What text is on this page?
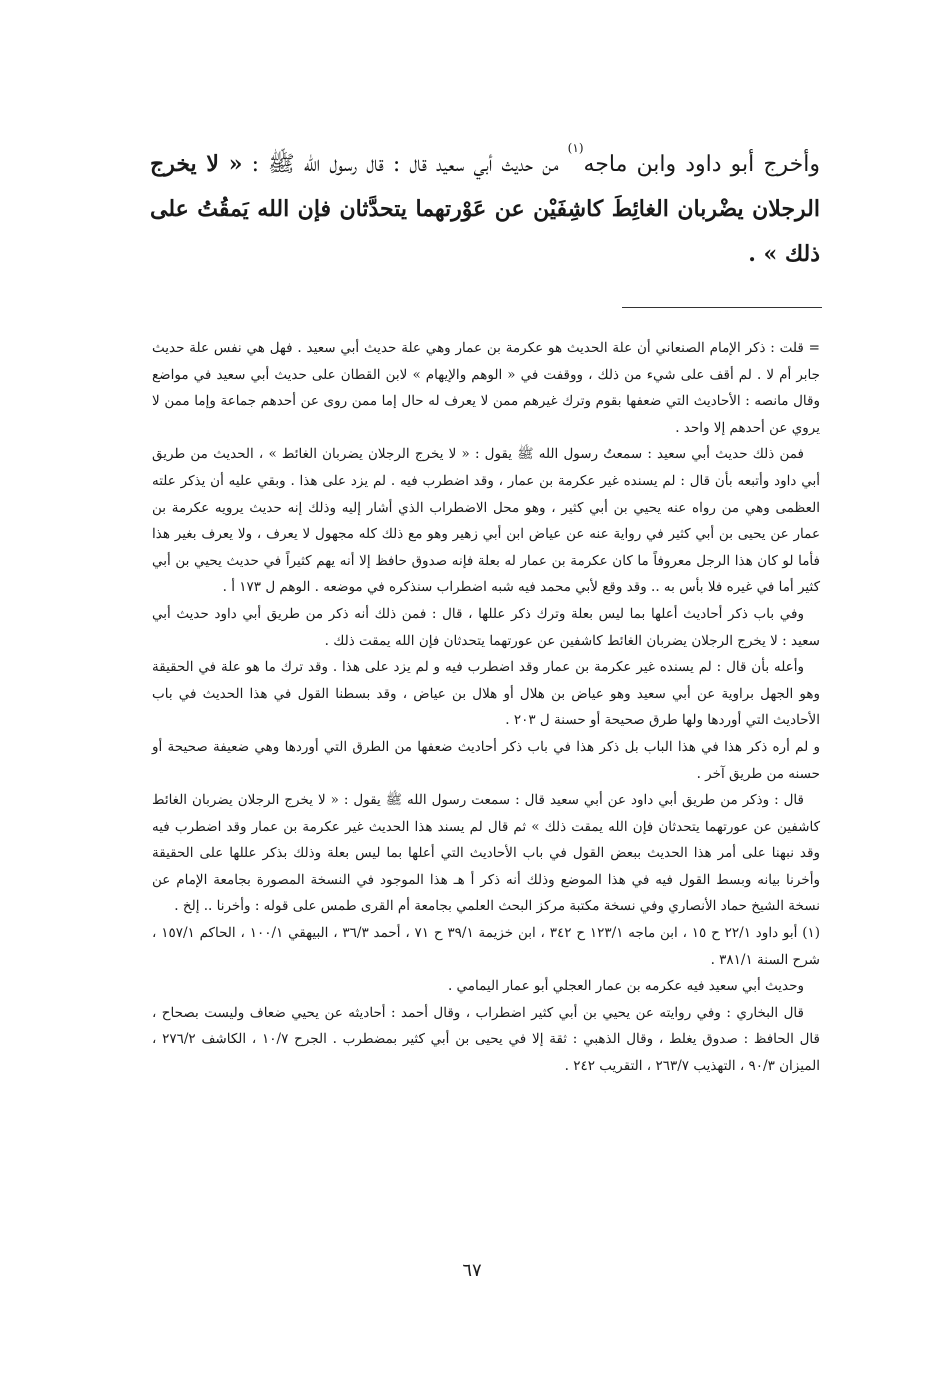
وأخرج أبو داود وابن ماجه$^{(١)}$ من حديث أبي سعيد قال : قال رسول الله ﷺ : « لا يخرج الرجلان يضْربان الغائِطَ كاشِفَيْن عن عَوْرتهما يتحدَّثان فإن الله يَمقُتُ على ذلك » .

= قلت : ذكر الإمام الصنعاني أن علة الحديث هو عكرمة بن عمار وهي علة حديث أبي سعيد . فهل هي نفس علة حديث جابر أم لا . لم أقف على شيء من ذلك ، ووقفت في « الوهم والإيهام » لابن القطان على حديث أبي سعيد في مواضع وقال مانصه : الأحاديث التي ضعفها بقوم وترك غيرهم ممن لا يعرف له حال إما ممن روى عن أحدهم جماعة وإما ممن لا يروي عن أحدهم إلا واحد .

فمن ذلك حديث أبي سعيد : سمعتُ رسول الله ﷺ يقول : « لا يخرج الرجلان يضربان الغائط » ، الحديث من طريق أبي داود وأتبعه بأن قال : لم يسنده غير عكرمة بن عمار ، وقد اضطرب فيه . لم يزد على هذا . وبقي عليه أن يذكر علته العظمى وهي من رواه عنه يحيي بن أبي كثير ، وهو محل الاضطراب الذي أشار إليه وذلك إنه حديث يرويه عكرمة بن عمار عن يحيى بن أبي كثير في رواية عنه عن عياض ابن أبي زهير وهو مع ذلك كله مجهول لا يعرف ، ولا يعرف بغير هذا فأما لو كان هذا الرجل معروفاً ما كان عكرمة بن عمار له بعلة فإنه صدوق حافظ إلا أنه يهم كثيراً في حديث يحيي بن أبي كثير أما في غيره فلا بأس به .. وقد وقع لأبي محمد فيه شبه اضطراب سنذكره في موضعه . الوهم ل ١٧٣ أ .

وفي باب ذكر أحاديث أعلها بما ليس بعلة وترك ذكر عللها ، قال : فمن ذلك أنه ذكر من طريق أبي داود حديث أبي سعيد : لا يخرج الرجلان يضربان الغائط كاشفين عن عورتهما يتحدثان فإن الله يمقت ذلك .

وأعله بأن قال : لم يسنده غير عكرمة بن عمار وقد اضطرب فيه و لم يزد على هذا . وقد ترك ما هو علة في الحقيقة وهو الجهل براوية عن أبي سعيد وهو عياض بن هلال أو هلال بن عياض ، وقد بسطنا القول في هذا الحديث في باب الأحاديث التي أوردها ولها طرق صحيحة أو حسنة ل ٢٠٣ .

و لم أره ذكر هذا في هذا الباب بل ذكر هذا في باب ذكر أحاديث ضعفها من الطرق التي أوردها وهي ضعيفة صحيحة أو حسنه من طريق آخر .

قال : وذكر من طريق أبي داود عن أبي سعيد قال : سمعت رسول الله ﷺ يقول : « لا يخرج الرجلان يضربان الغائط كاشفين عن عورتهما يتحدثان فإن الله يمقت ذلك » ثم قال لم يسند هذا الحديث غير عكرمة بن عمار وقد اضطرب فيه وقد نبهنا على أمر هذا الحديث ببعض القول في باب الأحاديث التي أعلها بما ليس بعلة وذلك بذكر عللها على الحقيقة وأخرنا بيانه وبسط القول فيه في هذا الموضع وذلك أنه ذكر أ هـ هذا الموجود في النسخة المصورة بجامعة الإمام عن نسخة الشيخ حماد الأنصاري وفي نسخة مكتبة مركز البحث العلمي بجامعة أم القرى طمس على قوله : وأخرنا .. إلخ .

(١) أبو داود ٢٢/١ ح ١٥ ، ابن ماجه ١٢٣/١ ح ٣٤٢ ، ابن خزيمة ٣٩/١ ح ٧١ ، أحمد ٣٦/٣ ، البيهقي ١٠٠/١ ، الحاكم ١٥٧/١ ، شرح السنة ٣٨١/١ .

وحديث أبي سعيد فيه عكرمه بن عمار العجلي أبو عمار اليمامي .

قال البخاري : وفي روايته عن يحيي بن أبي كثير اضطراب ، وقال أحمد : أحاديثه عن يحيي ضعاف وليست بصحاح ، قال الحافظ : صدوق يغلط ، وقال الذهبي : ثقة إلا في يحيى بن أبي كثير بمضطرب . الجرح ١٠/٧ ، الكاشف ٢٧٦/٢ ، الميزان ٩٠/٣ ، التهذيب ٢٦٣/٧ ، التقريب ٢٤٢ .

٦٧
